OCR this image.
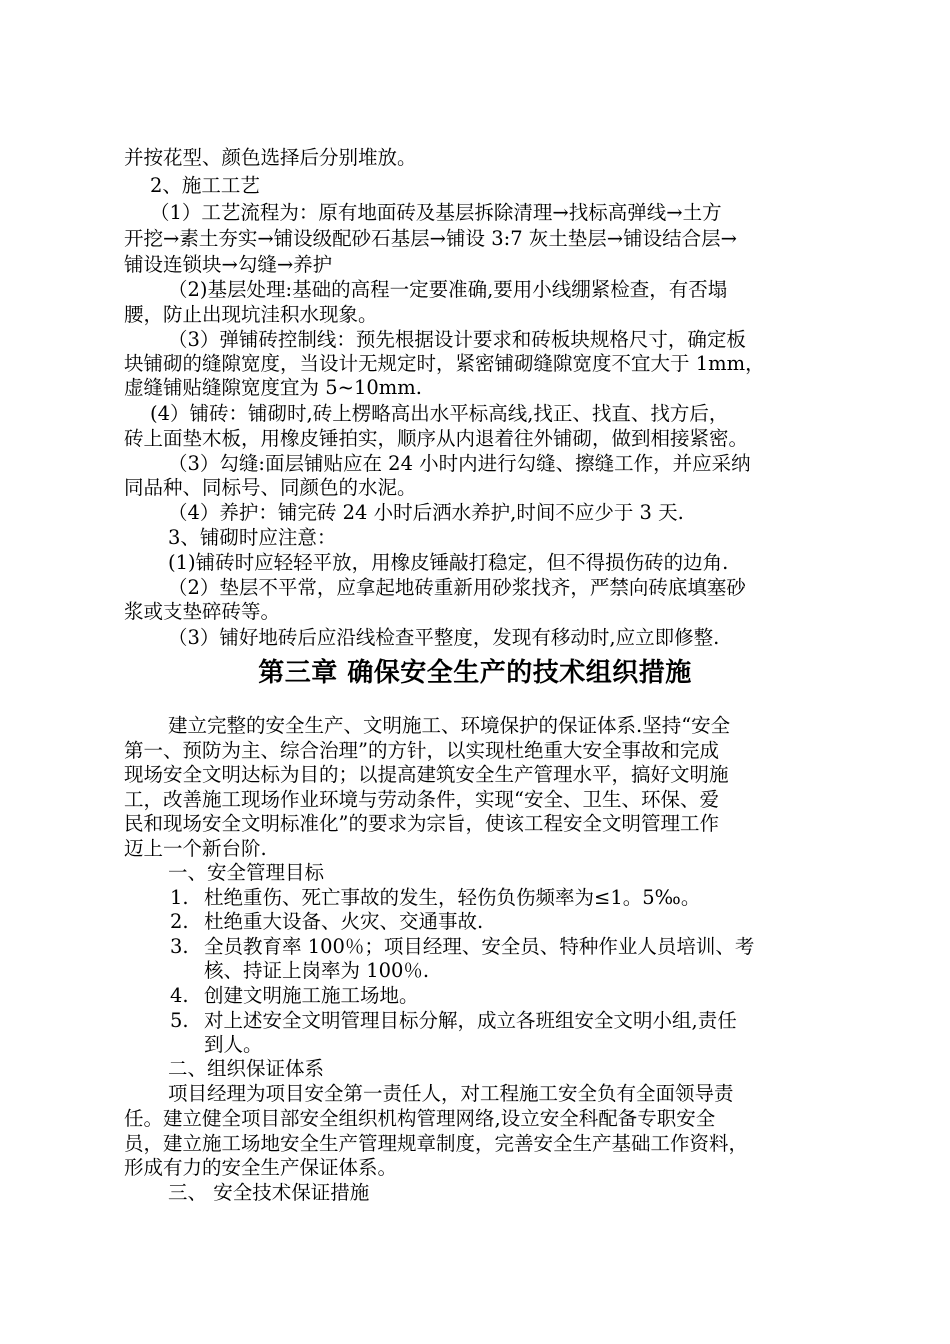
并按花型、颜色选择后分别堆放。
2、施工工艺
（1）工艺流程为：原有地面砖及基层拆除清理→找标高弹线→土方
开挖→素土夯实→铺设级配砂石基层→铺设 3:7 灰土垫层→铺设结合层→
铺设连锁块→勾缝→养护
（2)基层处理:基础的高程一定要准确,要用小线绷紧检查，有否塌
腰，防止出现坑洼积水现象。
（3）弹铺砖控制线：预先根据设计要求和砖板块规格尺寸，确定板
块铺砌的缝隙宽度，当设计无规定时，紧密铺砌缝隙宽度不宜大于 1mm，
虚缝铺贴缝隙宽度宜为 5~10mm.
(4）铺砖：铺砌时,砖上楞略高出水平标高线,找正、找直、找方后，
砖上面垫木板，用橡皮锤拍实，顺序从内退着往外铺砌，做到相接紧密。
（3）勾缝:面层铺贴应在 24 小时内进行勾缝、擦缝工作，并应采纳
同品种、同标号、同颜色的水泥。
（4）养护：铺完砖 24 小时后洒水养护,时间不应少于 3 天.
3、铺砌时应注意：
(1)铺砖时应轻轻平放，用橡皮锤敲打稳定，但不得损伤砖的边角.
（2）垫层不平常，应拿起地砖重新用砂浆找齐，严禁向砖底填塞砂
浆或支垫碎砖等。
（3）铺好地砖后应沿线检查平整度，发现有移动时,应立即修整.
第三章 确保安全生产的技术组织措施
建立完整的安全生产、文明施工、环境保护的保证体系.坚持“安全
第一、预防为主、综合治理”的方针，以实现杜绝重大安全事故和完成
现场安全文明达标为目的；以提高建筑安全生产管理水平，搞好文明施
工，改善施工现场作业环境与劳动条件，实现“安全、卫生、环保、爱
民和现场安全文明标准化”的要求为宗旨，使该工程安全文明管理工作
迈上一个新台阶.
一、安全管理目标
1. 杜绝重伤、死亡事故的发生，轻伤负伤频率为≤1。5‰。
2. 杜绝重大设备、火灾、交通事故.
3. 全员教育率 100％；项目经理、安全员、特种作业人员培训、考
核、持证上岗率为 100％.
4. 创建文明施工施工场地。
5. 对上述安全文明管理目标分解，成立各班组安全文明小组,责任
到人。
二、组织保证体系
项目经理为项目安全第一责任人，对工程施工安全负有全面领导责
任。建立健全项目部安全组织机构管理网络,设立安全科配备专职安全
员，建立施工场地安全生产管理规章制度，完善安全生产基础工作资料，
形成有力的安全生产保证体系。
三、 安全技术保证措施
